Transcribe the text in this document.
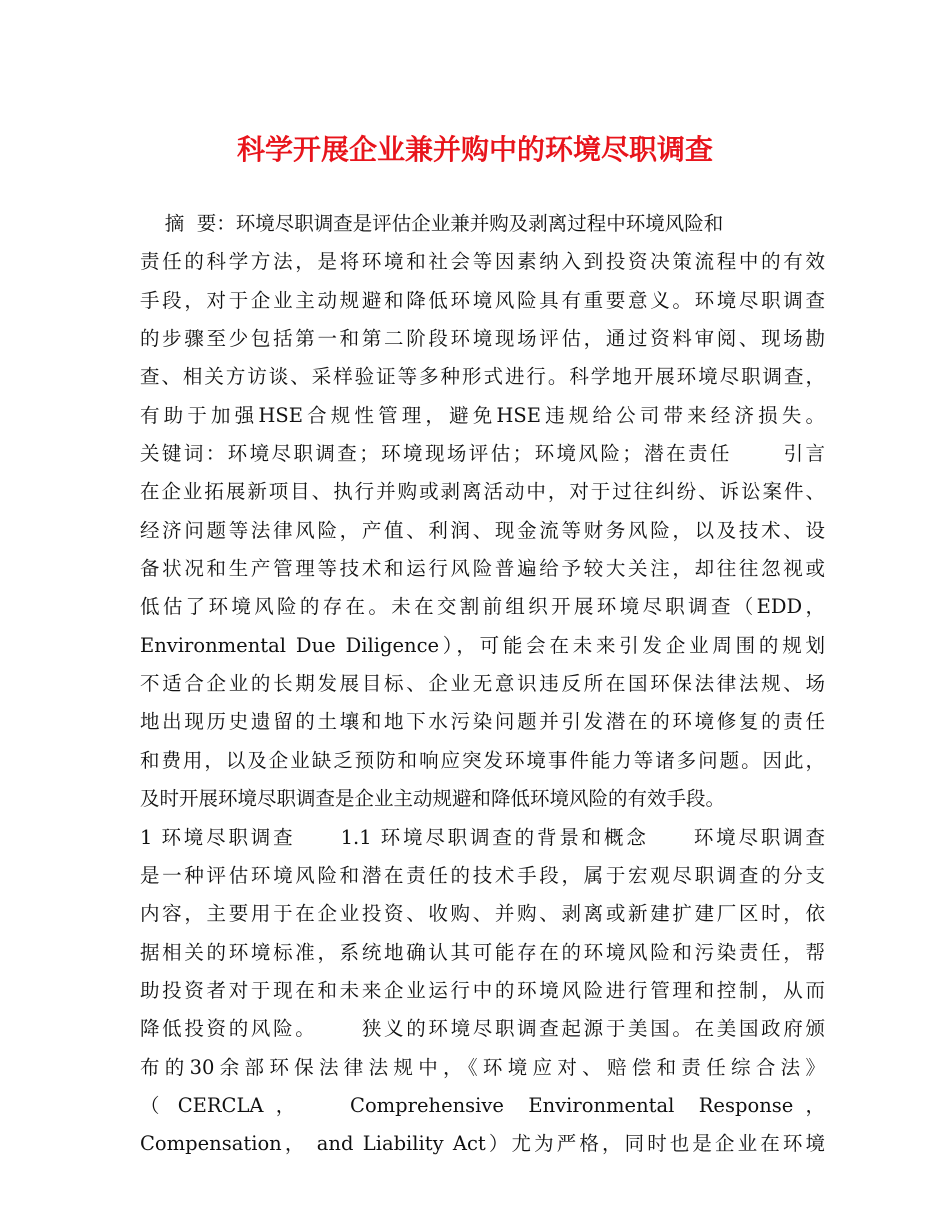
科学开展企业兼并购中的环境尽职调查
摘  要：环境尽职调查是评估企业兼并购及剥离过程中环境风险和
责任的科学方法，是将环境和社会等因素纳入到投资决策流程中的有效
手段，对于企业主动规避和降低环境风险具有重要意义。环境尽职调查
的步骤至少包括第一和第二阶段环境现场评估，通过资料审阅、现场勘
查、相关方访谈、采样验证等多种形式进行。科学地开展环境尽职调查，
有助于加强HSE合规性管理，避免HSE违规给公司带来经济损失。
关键词：环境尽职调查；环境现场评估；环境风险；潜在责任      引言
在企业拓展新项目、执行并购或剥离活动中，对于过往纠纷、诉讼案件、
经济问题等法律风险，产值、利润、现金流等财务风险，以及技术、设
备状况和生产管理等技术和运行风险普遍给予较大关注，却往往忽视或
低估了环境风险的存在。未在交割前组织开展环境尽职调查（EDD，
Environmental Due Diligence），可能会在未来引发企业周围的规划
不适合企业的长期发展目标、企业无意识违反所在国环保法律法规、场
地出现历史遗留的土壤和地下水污染问题并引发潜在的环境修复的责任
和费用，以及企业缺乏预防和响应突发环境事件能力等诸多问题。因此，
及时开展环境尽职调查是企业主动规避和降低环境风险的有效手段。
1 环境尽职调查     1.1 环境尽职调查的背景和概念     环境尽职调查
是一种评估环境风险和潜在责任的技术手段，属于宏观尽职调查的分支
内容，主要用于在企业投资、收购、并购、剥离或新建扩建厂区时，依
据相关的环境标准，系统地确认其可能存在的环境风险和污染责任，帮
助投资者对于现在和未来企业运行中的环境风险进行管理和控制，从而
降低投资的风险。     狭义的环境尽职调查起源于美国。在美国政府颁
布的30余部环保法律法规中，《环境应对、赔偿和责任综合法》
（ CERCLA ，    Comprehensive  Environmental  Response ，
Compensation， and Liability Act）尤为严格，同时也是企业在环境
